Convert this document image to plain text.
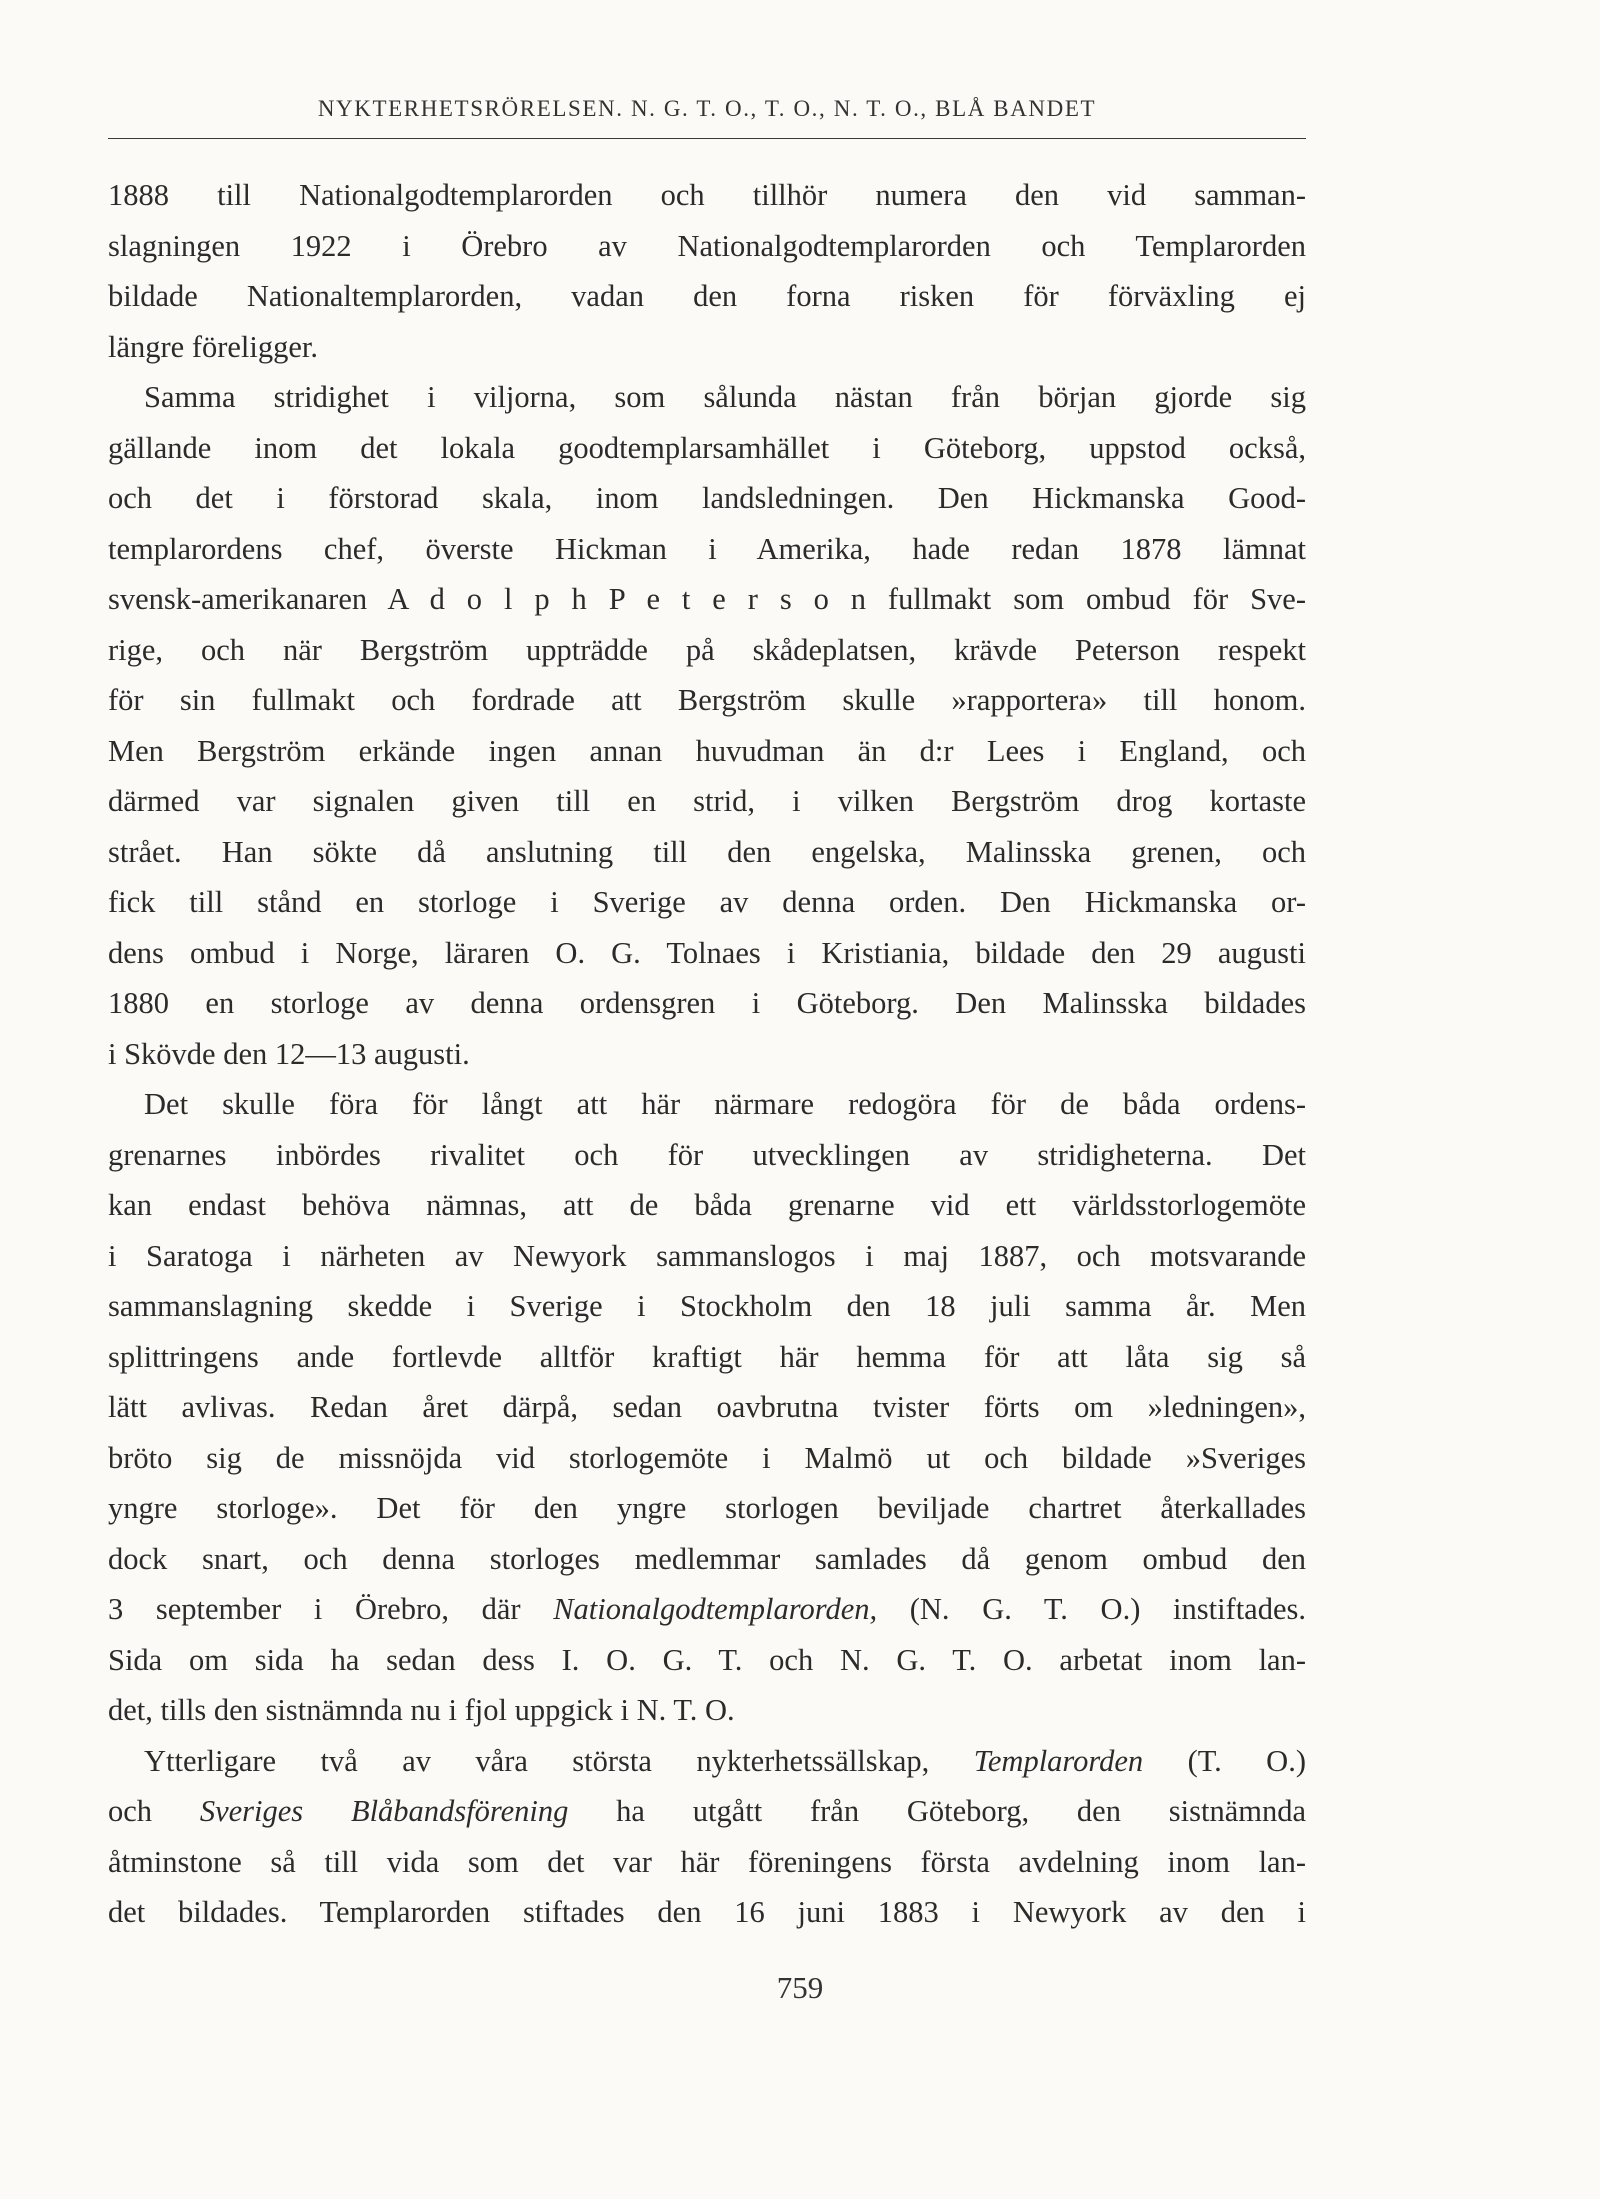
NYKTERHETSRÖRELSEN. N. G. T. O., T. O., N. T. O., BLÅ BANDET
1888 till Nationalgodtemplarorden och tillhör numera den vid samman-
slagningen 1922 i Örebro av Nationalgodtemplarorden och Templarorden
bildade Nationaltemplarorden, vadan den forna risken för förväxling ej
längre föreligger.
Samma stridighet i viljorna, som sålunda nästan från början gjorde sig
gällande inom det lokala goodtemplarsamhället i Göteborg, uppstod också,
och det i förstorad skala, inom landsledningen. Den Hickmanska Good-
templarordens chef, överste Hickman i Amerika, hade redan 1878 lämnat
svensk-amerikanaren A d o l p h P e t e r s o n fullmakt som ombud för Sve-
rige, och när Bergström uppträdde på skådeplatsen, krävde Peterson respekt
för sin fullmakt och fordrade att Bergström skulle »rapportera» till honom.
Men Bergström erkände ingen annan huvudman än d:r Lees i England, och
därmed var signalen given till en strid, i vilken Bergström drog kortaste
strået. Han sökte då anslutning till den engelska, Malinsska grenen, och
fick till stånd en storloge i Sverige av denna orden. Den Hickmanska or-
dens ombud i Norge, läraren O. G. Tolnaes i Kristiania, bildade den 29 augusti
1880 en storloge av denna ordensgren i Göteborg. Den Malinsska bildades
i Skövde den 12—13 augusti.
Det skulle föra för långt att här närmare redogöra för de båda ordens-
grenarnes inbördes rivalitet och för utvecklingen av stridigheterna. Det
kan endast behöva nämnas, att de båda grenarne vid ett världsstorlogemöte
i Saratoga i närheten av Newyork sammanslogos i maj 1887, och motsvarande
sammanslagning skedde i Sverige i Stockholm den 18 juli samma år. Men
splittringens ande fortlevde alltför kraftigt här hemma för att låta sig så
lätt avlivas. Redan året därpå, sedan oavbrutna tvister förts om »ledningen»,
bröto sig de missnöjda vid storlogemöte i Malmö ut och bildade »Sveriges
yngre storloge». Det för den yngre storlogen beviljade chartret återkallades
dock snart, och denna storloges medlemmar samlades då genom ombud den
3 september i Örebro, där Nationalgodtemplarorden, (N. G. T. O.) instiftades.
Sida om sida ha sedan dess I. O. G. T. och N. G. T. O. arbetat inom lan-
det, tills den sistnämnda nu i fjol uppgick i N. T. O.
Ytterligare två av våra största nykterhetssällskap, Templarorden (T. O.)
och Sveriges Blåbandsförening ha utgått från Göteborg, den sistnämnda
åtminstone så till vida som det var här föreningens första avdelning inom lan-
det bildades. Templarorden stiftades den 16 juni 1883 i Newyork av den i
759
